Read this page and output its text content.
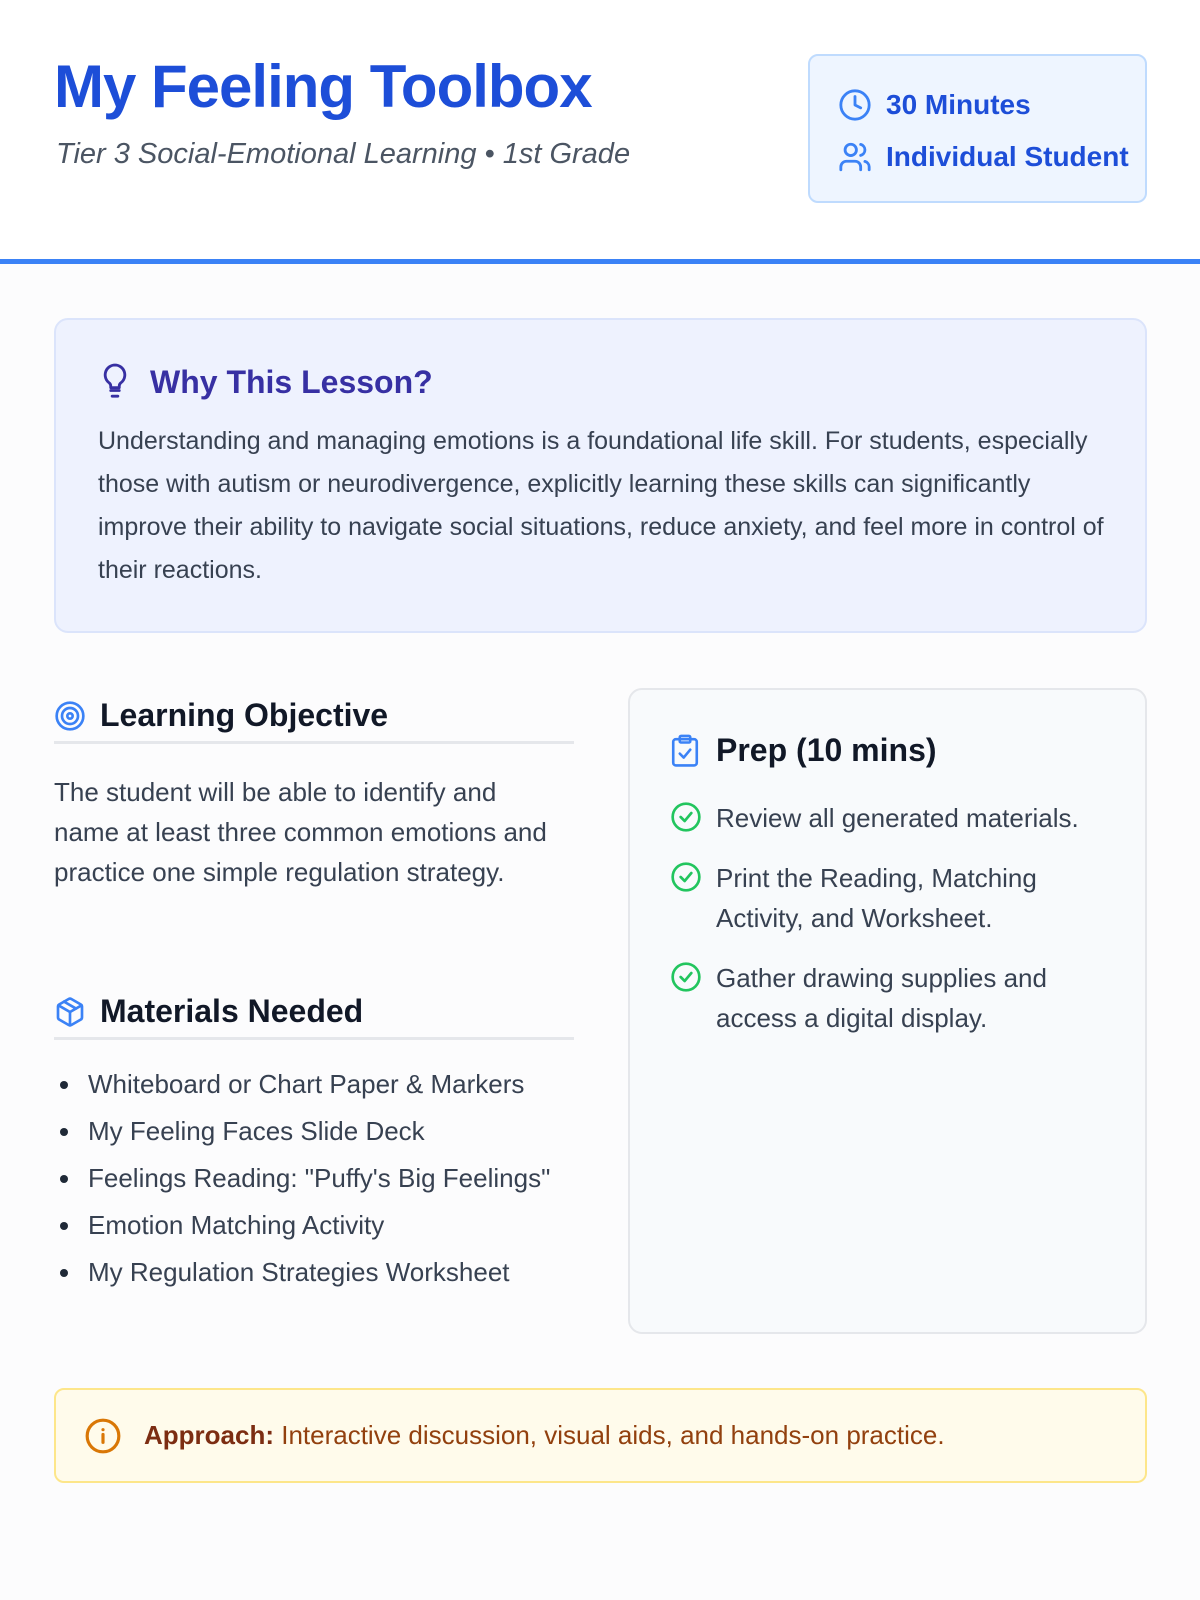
My Feeling Toolbox
Tier 3 Social-Emotional Learning • 1st Grade
30 Minutes
Individual Student
Why This Lesson?

Understanding and managing emotions is a foundational life skill. For students, especially those with autism or neurodivergence, explicitly learning these skills can significantly improve their ability to navigate social situations, reduce anxiety, and feel more in control of their reactions.

Learning Objective

The student will be able to identify and name at least three common emotions and practice one simple regulation strategy.

Materials Needed
Whiteboard or Chart Paper & Markers
My Feeling Faces Slide Deck
Feelings Reading: "Puffy's Big Feelings"
Emotion Matching Activity
My Regulation Strategies Worksheet
Prep (10 mins)
Review all generated materials.
Print the Reading, Matching Activity, and Worksheet.
Gather drawing supplies and access a digital display.
Approach: Interactive discussion, visual aids, and hands-on practice.
